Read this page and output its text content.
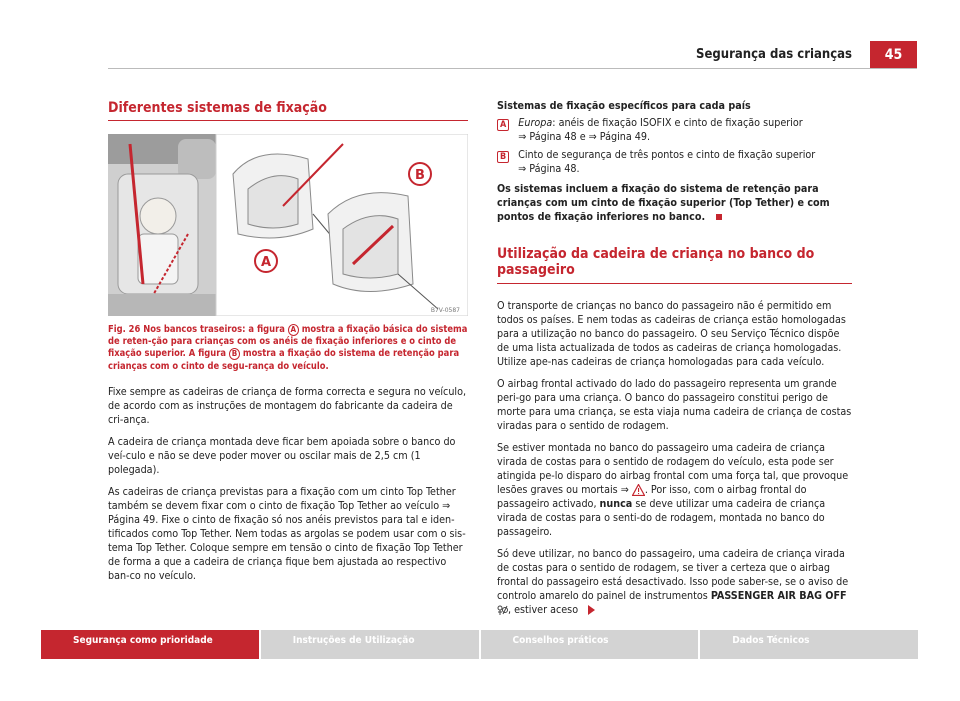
Segurança das crianças	45
Diferentes sistemas de fixação
B
A
B7V-0587
Fig. 26 Nos bancos traseiros: a figura A mostra a fixação básica do sistema de reten-ção para crianças com os anéis de fixação inferiores e o cinto de fixação superior. A figura B mostra a fixação do sistema de retenção para crianças com o cinto de segu-rança do veículo.

Fixe sempre as cadeiras de criança de forma correcta e segura no veículo, de acordo com as instruções de montagem do fabricante da cadeira de cri-ança.

A cadeira de criança montada deve ficar bem apoiada sobre o banco do veí-culo e não se deve poder mover ou oscilar mais de 2,5 cm (1 polegada).

As cadeiras de criança previstas para a fixação com um cinto Top Tether também se devem fixar com o cinto de fixação Top Tether ao veículo ⇒ Página 49. Fixe o cinto de fixação só nos anéis previstos para tal e iden-tificados como Top Tether. Nem todas as argolas se podem usar com o sis-tema Top Tether. Coloque sempre em tensão o cinto de fixação Top Tether de forma a que a cadeira de criança fique bem ajustada ao respectivo ban-co no veículo.

Sistemas de fixação específicos para cada país
A Europa: anéis de fixação ISOFIX e cinto de fixação superior
⇒ Página 48 e ⇒ Página 49.
B Cinto de segurança de três pontos e cinto de fixação superior
⇒ Página 48.

Os sistemas incluem a fixação do sistema de retenção para crianças com um cinto de fixação superior (Top Tether) e com pontos de fixação inferiores no banco.

Utilização da cadeira de criança no banco do passageiro

O transporte de crianças no banco do passageiro não é permitido em todos os países. E nem todas as cadeiras de criança estão homologadas para a utilização no banco do passageiro. O seu Serviço Técnico dispõe de uma lista actualizada de todos as cadeiras de criança homologadas. Utilize ape-nas cadeiras de criança homologadas para cada veículo.

O airbag frontal activado do lado do passageiro representa um grande peri-go para uma criança. O banco do passageiro constitui perigo de morte para uma criança, se esta viaja numa cadeira de criança de costas viradas para o sentido de rodagem.

Se estiver montada no banco do passageiro uma cadeira de criança virada de costas para o sentido de rodagem do veículo, esta pode ser atingida pe-lo disparo do airbag frontal com uma força tal, que provoque lesões graves ou mortais ⇒ . Por isso, com o airbag frontal do passageiro activado, nunca se deve utilizar uma cadeira de criança virada de costas para o senti-do de rodagem, montada no banco do passageiro.

Só deve utilizar, no banco do passageiro, uma cadeira de criança virada de costas para o sentido de rodagem, se tiver a certeza que o airbag frontal do passageiro está desactivado. Isso pode saber-se, se o aviso de controlo amarelo do painel de instrumentos PASSENGER AIR BAG OFF , estiver aceso

Segurança como prioridade	Instruções de Utilização	Conselhos práticos	Dados Técnicos
